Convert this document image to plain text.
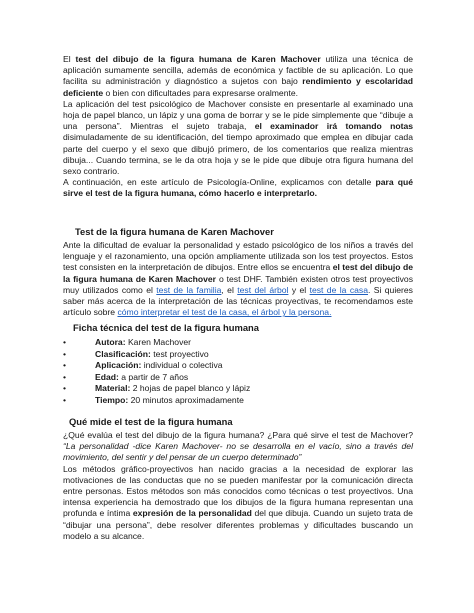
El test del dibujo de la figura humana de Karen Machover utiliza una técnica de aplicación sumamente sencilla, además de económica y factible de su aplicación. Lo que facilita su administración y diagnóstico a sujetos con bajo rendimiento y escolaridad deficiente o bien con dificultades para expresarse oralmente.

La aplicación del test psicológico de Machover consiste en presentarle al examinado una hoja de papel blanco, un lápiz y una goma de borrar y se le pide simplemente que “dibuje a una persona”. Mientras el sujeto trabaja, el examinador irá tomando notas disimuladamente de su identificación, del tiempo aproximado que emplea en dibujar cada parte del cuerpo y el sexo que dibujó primero, de los comentarios que realiza mientras dibuja... Cuando termina, se le da otra hoja y se le pide que dibuje otra figura humana del sexo contrario.

A continuación, en este artículo de Psicología-Online, explicamos con detalle para qué sirve el test de la figura humana, cómo hacerlo e interpretarlo.

Test de la figura humana de Karen Machover

Ante la dificultad de evaluar la personalidad y estado psicológico de los niños a través del lenguaje y el razonamiento, una opción ampliamente utilizada son los test proyectos. Estos test consisten en la interpretación de dibujos. Entre ellos se encuentra el test del dibujo de la figura humana de Karen Machover o test DHF. También existen otros test proyectivos muy utilizados como el test de la familia, el test del árbol y el test de la casa. Si quieres saber más acerca de la interpretación de las técnicas proyectivas, te recomendamos este artículo sobre cómo interpretar el test de la casa, el árbol y la persona.

Ficha técnica del test de la figura humana
•	Autora: Karen Machover
•	Clasificación: test proyectivo
•	Aplicación: individual o colectiva
•	Edad: a partir de 7 años
•	Material: 2 hojas de papel blanco y lápiz
•	Tiempo: 20 minutos aproximadamente
Qué mide el test de la figura humana

¿Qué evalúa el test del dibujo de la figura humana? ¿Para qué sirve el test de Machover? “La personalidad -dice Karen Machover- no se desarrolla en el vacío, sino a través del movimiento, del sentir y del pensar de un cuerpo determinado”

Los métodos gráfico-proyectivos han nacido gracias a la necesidad de explorar las motivaciones de las conductas que no se pueden manifestar por la comunicación directa entre personas. Estos métodos son más conocidos como técnicas o test proyectivos. Una intensa experiencia ha demostrado que los dibujos de la figura humana representan una profunda e íntima expresión de la personalidad del que dibuja. Cuando un sujeto trata de “dibujar una persona”, debe resolver diferentes problemas y dificultades buscando un modelo a su alcance.
